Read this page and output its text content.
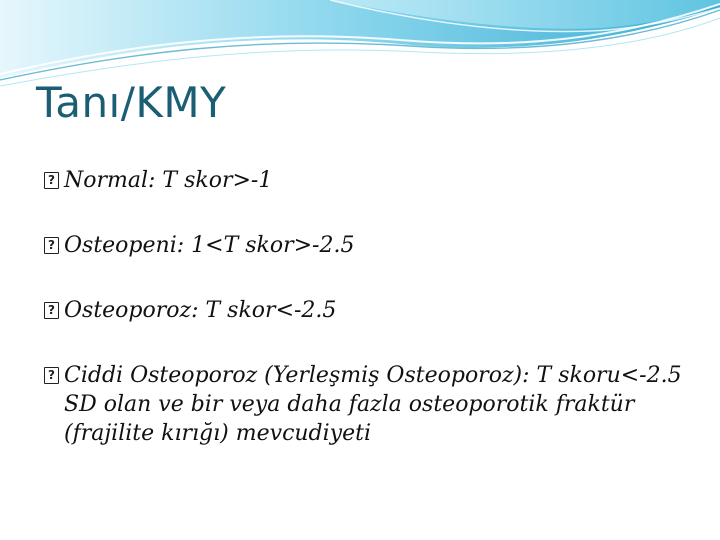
Tanı/KMY
? Normal: T skor>-1
? Osteopeni: 1<T skor>-2.5
? Osteoporoz: T skor<-2.5
? Ciddi Osteoporoz (Yerleşmiş Osteoporoz): T skoru<-2.5 SD olan ve bir veya daha fazla osteoporotik fraktür (frajilite kırığı) mevcudiyeti
